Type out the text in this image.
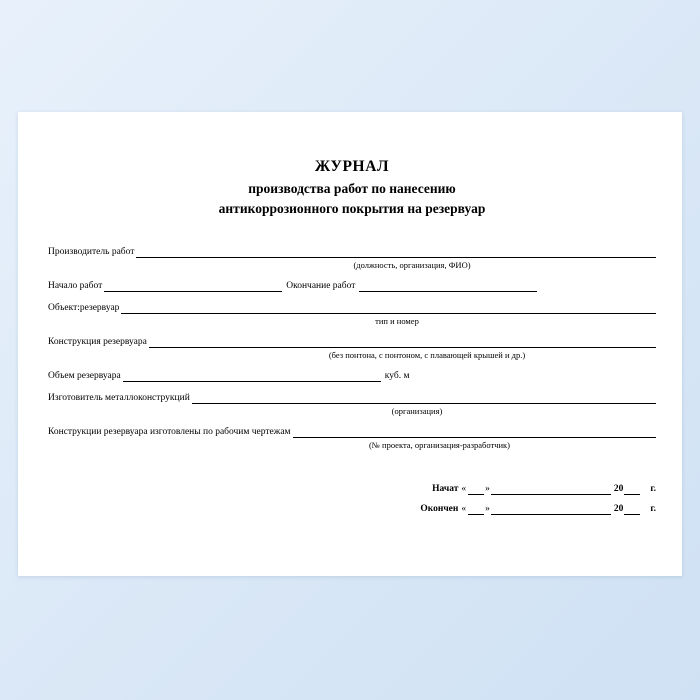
ЖУРНАЛ
производства работ по нанесению
антикоррозионного покрытия на резервуар
Производитель работ
(должность, организация, ФИО)
Начало работ	Окончание работ
Объект:резервуар
тип и номер
Конструкция резервуара
(без понтона, с понтоном, с плавающей крышей и др.)
Объем резервуара	куб. м
Изготовитель металлоконструкций
(организация)
Конструкции резервуара изготовлены по рабочим чертежам
(№ проекта, организация-разработчик)
Начат « »	20	г.
Окончен « »	20	г.
